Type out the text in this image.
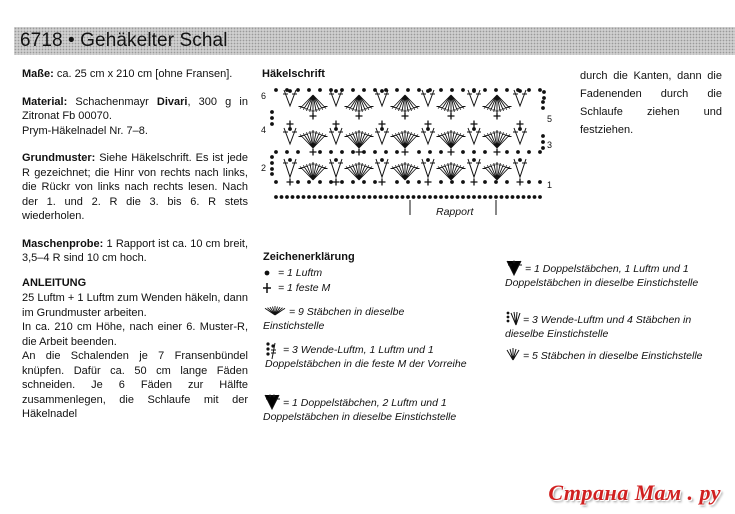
6718 • Gehäkelter Schal

Maße: ca. 25 cm x 210 cm [ohne Fransen].

Material: Schachenmayr Divari, 300 g in Zitronat Fb 00070.
Prym-Häkelnadel Nr. 7–8.

Grundmuster: Siehe Häkelschrift. Es ist jede R gezeichnet; die Hinr von rechts nach links, die Rückr von links nach rechts lesen. Nach der 1. und 2. R die 3. bis 6. R stets wiederholen.

Maschenprobe: 1 Rapport ist ca. 10 cm breit, 3,5–4 R sind 10 cm hoch.

ANLEITUNG

25 Luftm + 1 Luftm zum Wenden häkeln, dann im Grundmuster arbeiten.

In ca. 210 cm Höhe, nach einer 6. Muster-R, die Arbeit beenden.

An die Schalenden je 7 Fransenbündel knüpfen. Dafür ca. 50 cm lange Fäden schneiden. Je 6 Fäden zur Hälfte zusammenlegen, die Schlaufe mit der Häkelnadel

Häkelschrift
6
4
2
5
3
1
Rapport

durch die Kanten, dann die Fadenenden durch die Schlaufe ziehen und festziehen.

Zeichenerklärung
= 1 Luftm
= 1 feste M
= 9 Stäbchen in dieselbe Einstichstelle
= 3 Wende-Luftm, 1 Luftm und 1 Doppelstäbchen in die feste M der Vorreihe
= 1 Doppelstäbchen, 2 Luftm und 1 Doppelstäbchen in dieselbe Einstichstelle
= 1 Doppelstäbchen, 1 Luftm und 1 Doppelstäbchen in dieselbe Einstichstelle
= 3 Wende-Luftm und 4 Stäbchen in dieselbe Einstichstelle
= 5 Stäbchen in dieselbe Einstichstelle
Страна Мам . ру
